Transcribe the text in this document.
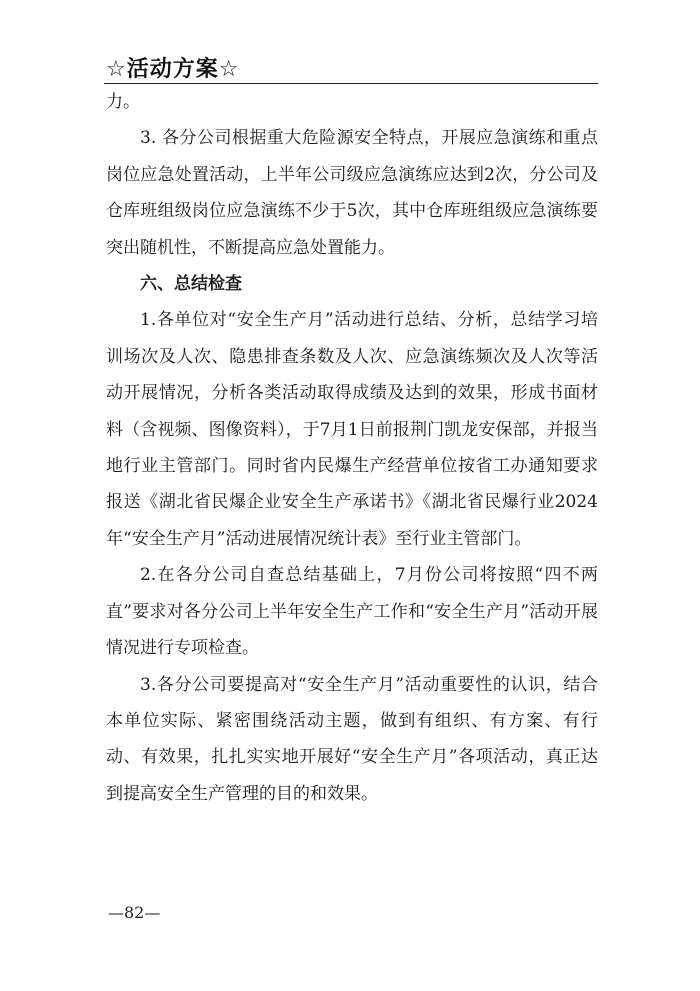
☆活动方案☆

力。

3. 各分公司根据重大危险源安全特点，开展应急演练和重点岗位应急处置活动，上半年公司级应急演练应达到2次，分公司及仓库班组级岗位应急演练不少于5次，其中仓库班组级应急演练要突出随机性，不断提高应急处置能力。

六、总结检查

1.各单位对“安全生产月”活动进行总结、分析，总结学习培训场次及人次、隐患排查条数及人次、应急演练频次及人次等活动开展情况，分析各类活动取得成绩及达到的效果，形成书面材料（含视频、图像资料），于7月1日前报荆门凯龙安保部，并报当地行业主管部门。同时省内民爆生产经营单位按省工办通知要求报送《湖北省民爆企业安全生产承诺书》《湖北省民爆行业2024年“安全生产月”活动进展情况统计表》至行业主管部门。

2.在各分公司自查总结基础上，7月份公司将按照“四不两直”要求对各分公司上半年安全生产工作和“安全生产月”活动开展情况进行专项检查。

3.各分公司要提高对“安全生产月”活动重要性的认识，结合本单位实际、紧密围绕活动主题，做到有组织、有方案、有行动、有效果，扎扎实实地开展好“安全生产月”各项活动，真正达到提高安全生产管理的目的和效果。

—82—
